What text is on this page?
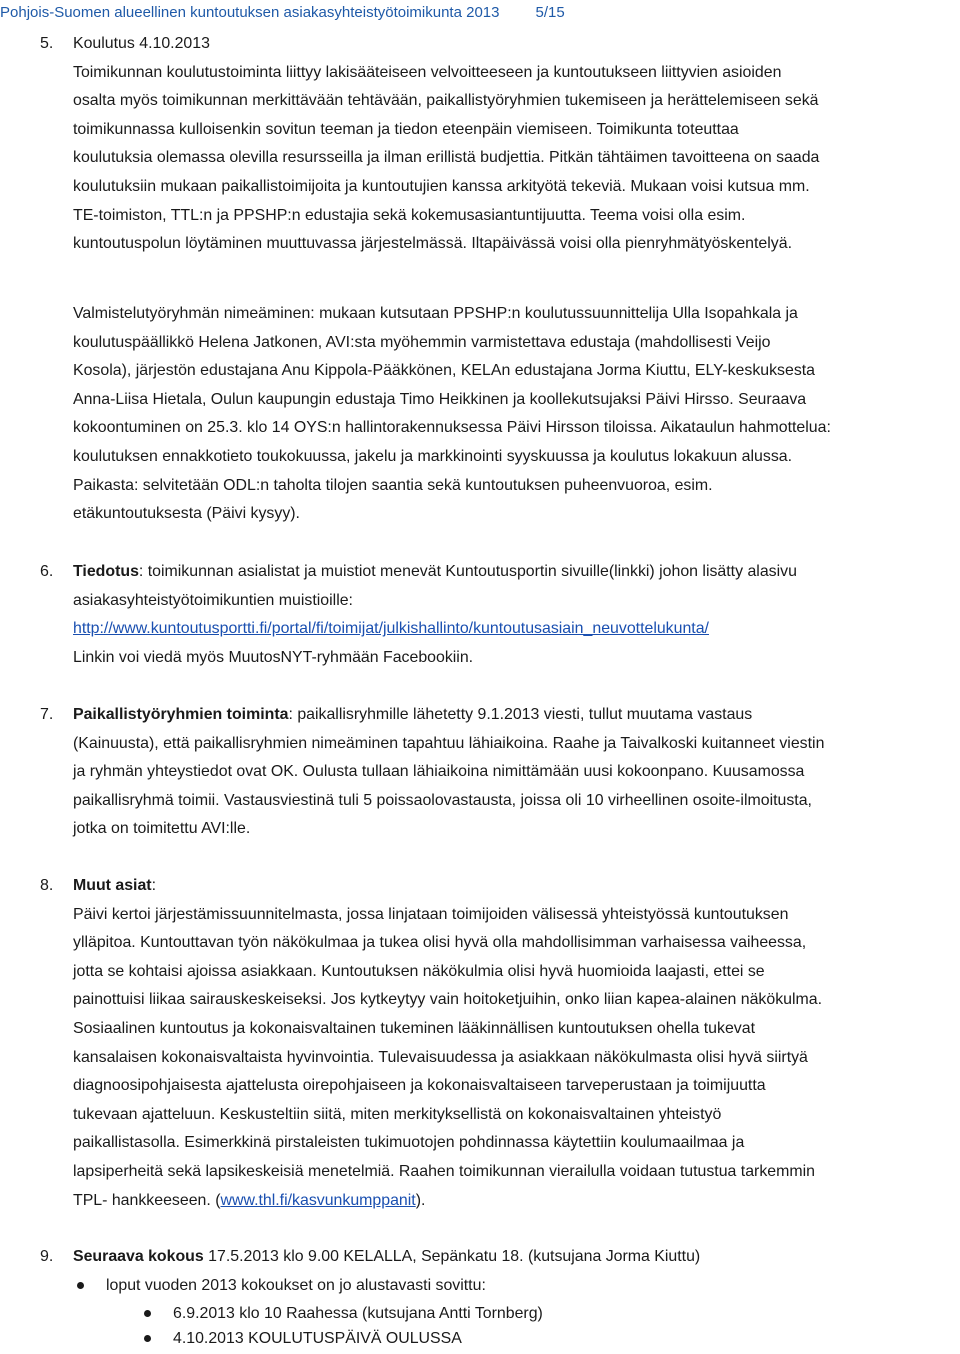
Pohjois-Suomen alueellinen kuntoutuksen asiakasyhteistyötoimikunta 2013 5/15
5. Koulutus 4.10.2013
Toimikunnan koulutustoiminta liittyy lakisääteiseen velvoitteeseen ja kuntoutukseen liittyvien asioiden
osalta myös toimikunnan merkittävään tehtävään, paikallistyöryhmien tukemiseen ja herättelemiseen sekä
toimikunnassa kulloisenkin sovitun teeman ja tiedon eteenpäin viemiseen. Toimikunta toteuttaa
koulutuksia olemassa olevilla resursseilla ja ilman erillistä budjettia. Pitkän tähtäimen tavoitteena on saada
koulutuksiin mukaan paikallistoimijoita ja kuntoutujien kanssa arkityötä tekeviä. Mukaan voisi kutsua mm.
TE-toimiston, TTL:n ja PPSHP:n edustajia sekä kokemusasiantuntijuutta. Teema voisi olla esim.
kuntoutuspolun löytäminen muuttuvassa järjestelmässä. Iltapäivässä voisi olla pienryhmätyöskentelyä.
Valmistelutyöryhmän nimeäminen: mukaan kutsutaan PPSHP:n koulutussuunnittelija Ulla Isopahkala ja
koulutuspäällikkö Helena Jatkonen, AVI:sta myöhemmin varmistettava edustaja (mahdollisesti Veijo
Kosola), järjestön edustajana Anu Kippola-Pääkkönen, KELAn edustajana Jorma Kiuttu, ELY-keskuksesta
Anna-Liisa Hietala, Oulun kaupungin edustaja Timo Heikkinen ja koollekutsujaksi Päivi Hirsso. Seuraava
kokoontuminen on 25.3. klo 14 OYS:n hallintorakennuksessa Päivi Hirsson tiloissa. Aikataulun hahmottelua:
koulutuksen ennakkotieto toukokuussa, jakelu ja markkinointi syyskuussa ja koulutus lokakuun alussa.
Paikasta: selvitetään ODL:n taholta tilojen saantia sekä kuntoutuksen puheenvuoroa, esim.
etäkuntoutuksesta (Päivi kysyy).
6. Tiedotus: toimikunnan asialistat ja muistiot menevät Kuntoutusportin sivuille(linkki) johon lisätty alasivu
asiakasyhteistyötoimikuntien muistioille:
http://www.kuntoutusportti.fi/portal/fi/toimijat/julkishallinto/kuntoutusasiain_neuvottelukunta/
Linkin voi viedä myös MuutosNYT-ryhmään Facebookiin.
7. Paikallistyöryhmien toiminta: paikallisryhmille lähetetty 9.1.2013 viesti, tullut muutama vastaus
(Kainuusta), että paikallisryhmien nimeäminen tapahtuu lähiaikoina. Raahe ja Taivalkoski kuitanneet viestin
ja ryhmän yhteystiedot ovat OK. Oulusta tullaan lähiaikoina nimittämään uusi kokoonpano. Kuusamossa
paikallisryhmä toimii. Vastausviestinä tuli 5 poissaolovastausta, joissa oli 10 virheellinen osoite-ilmoitusta,
jotka on toimitettu AVI:lle.
8. Muut asiat:
Päivi kertoi järjestämissuunnitelmasta, jossa linjataan toimijoiden välisessä yhteistyössä kuntoutuksen
ylläpitoa. Kuntouttavan työn näkökulmaa ja tukea olisi hyvä olla mahdollisimman varhaisessa vaiheessa,
jotta se kohtaisi ajoissa asiakkaan. Kuntoutuksen näkökulmia olisi hyvä huomioida laajasti, ettei se
painottuisi liikaa sairauskeskeiseksi. Jos kytkeytyy vain hoitoketjuihin, onko liian kapea-alainen näkökulma.
Sosiaalinen kuntoutus ja kokonaisvaltainen tukeminen lääkinnällisen kuntoutuksen ohella tukevat
kansalaisen kokonaisvaltaista hyvinvointia. Tulevaisuudessa ja asiakkaan näkökulmasta olisi hyvä siirtyä
diagnoosipohjaisesta ajattelusta oirepohjaiseen ja kokonaisvaltaiseen tarveperustaan ja toimijuutta
tukevaan ajatteluun. Keskusteltiin siitä, miten merkityksellistä on kokonaisvaltainen yhteistyö
paikallistasolla. Esimerkkinä pirstaleisten tukimuotojen pohdinnassa käytettiin koulumaailmaa ja
lapsiperheitä sekä lapsikeskeisiä menetelmiä. Raahen toimikunnan vierailulla voidaan tutustua tarkemmin
TPL- hankkeeseen. (www.thl.fi/kasvunkumppanit).
9. Seuraava kokous 17.5.2013 klo 9.00 KELALLA, Sepänkatu 18. (kutsujana Jorma Kiuttu)
loput vuoden 2013 kokoukset on jo alustavasti sovittu:
6.9.2013 klo 10 Raahessa (kutsujana Antti Tornberg)
4.10.2013 KOULUTUSPÄIVÄ OULUSSA
